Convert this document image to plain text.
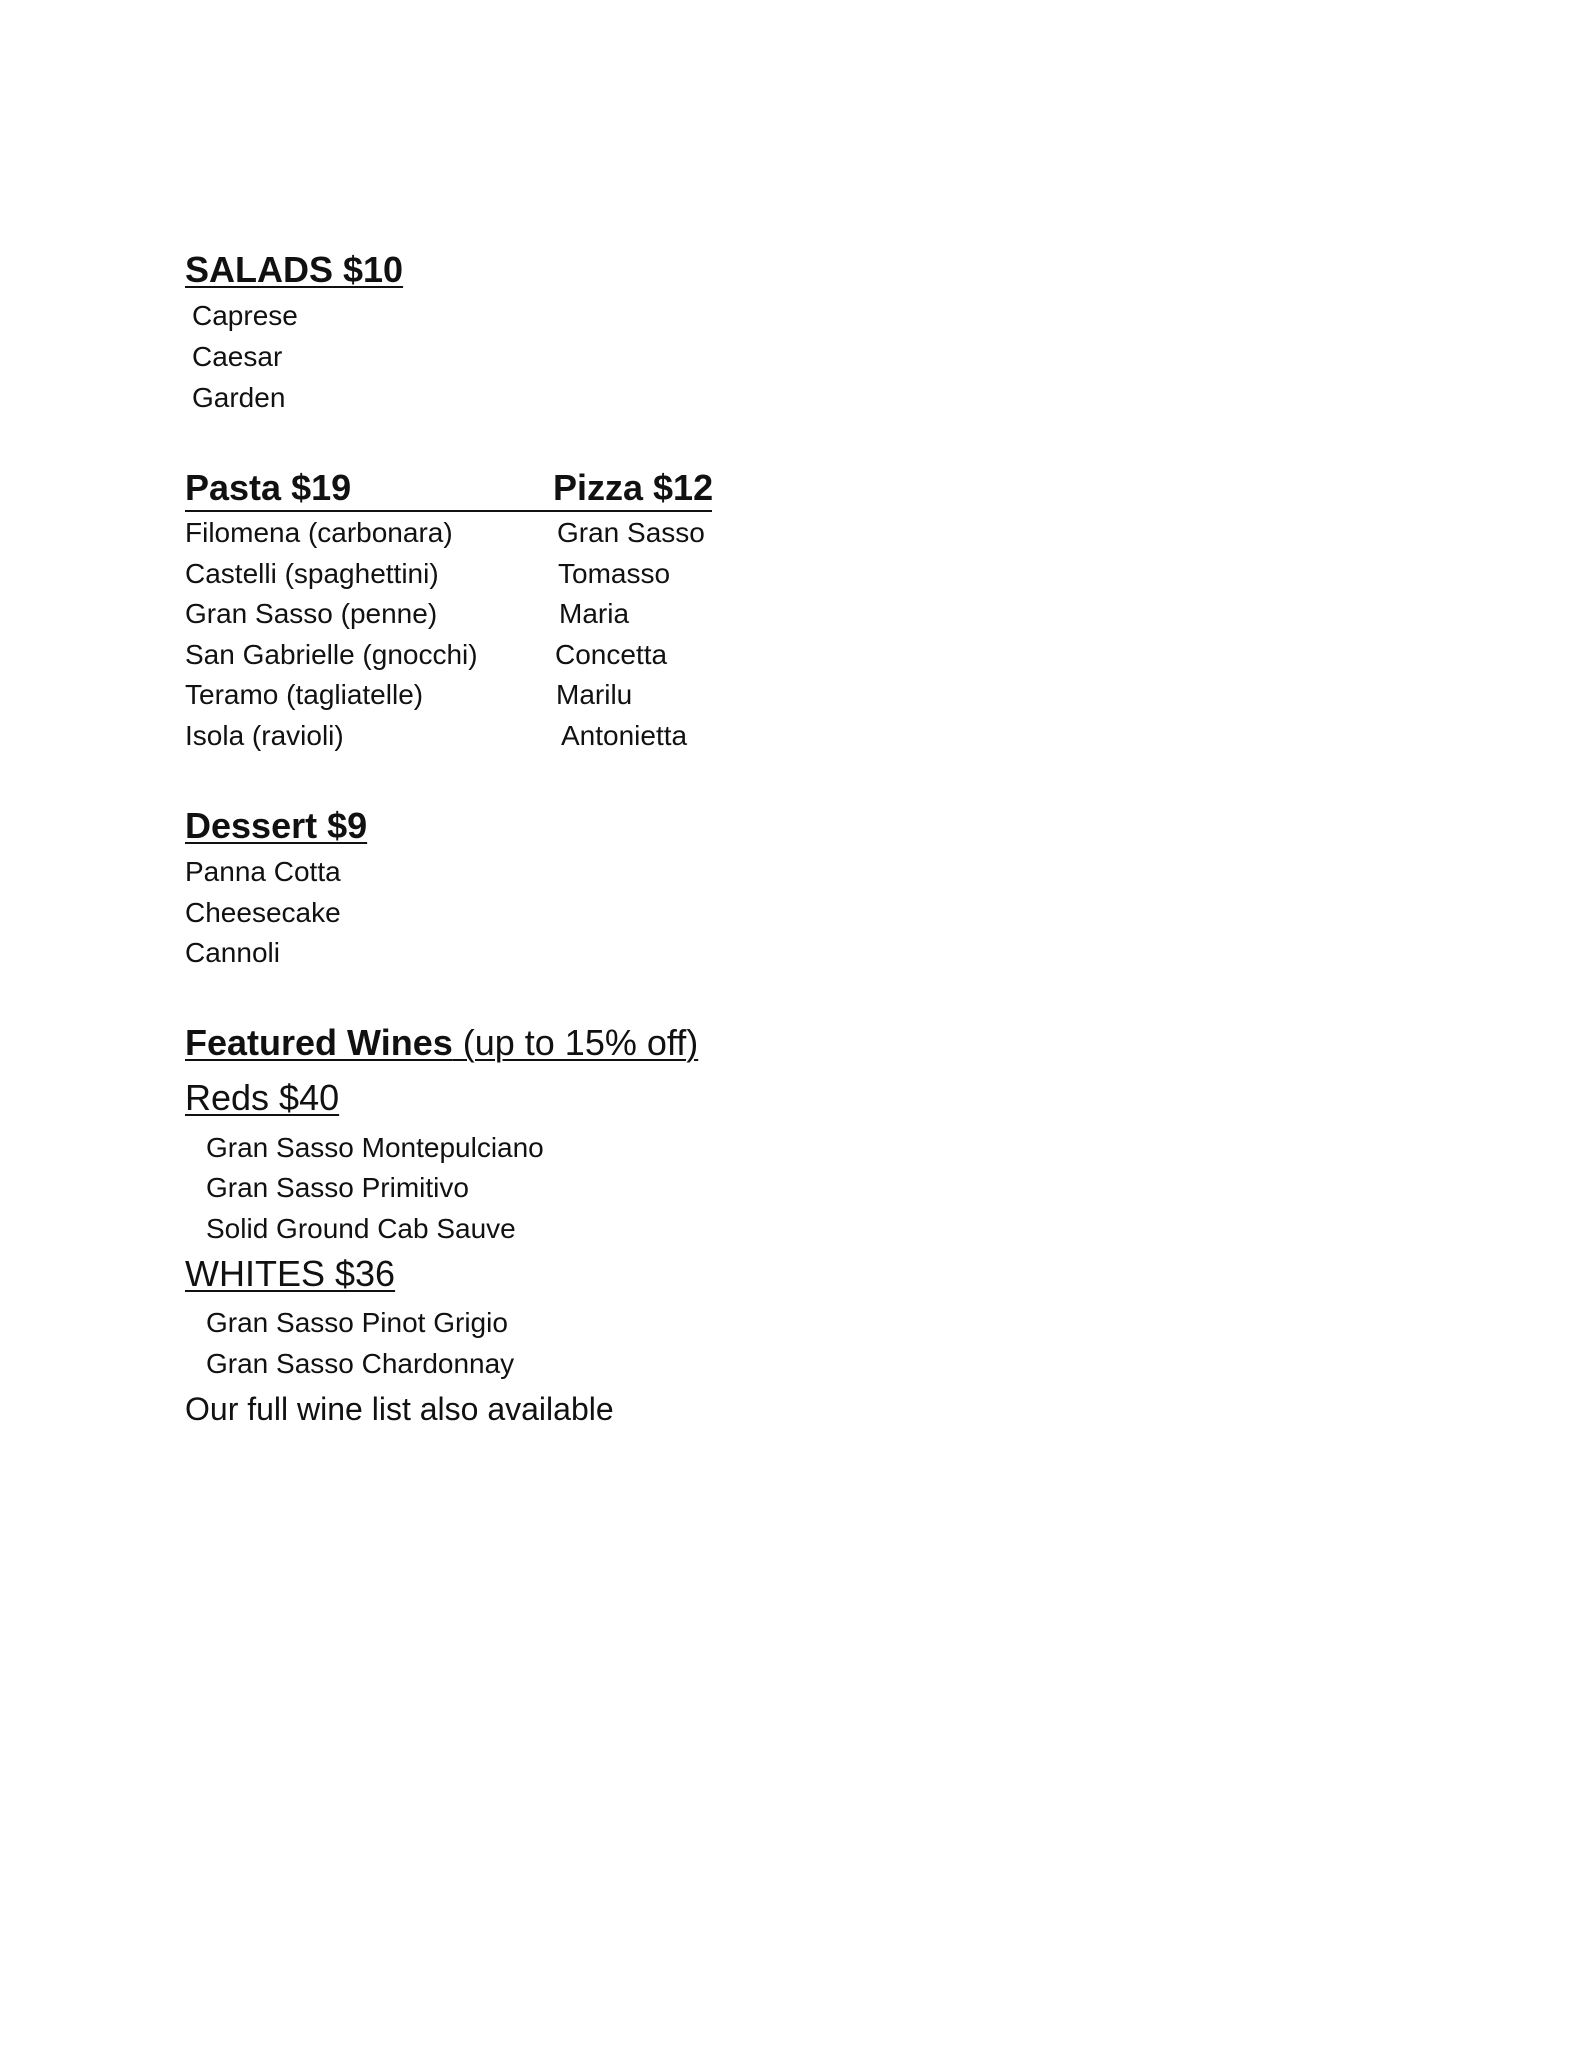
SALADS $10
Caprese
Caesar
Garden
Pasta $19	Pizza $12
Filomena (carbonara)
Castelli (spaghettini)
Gran Sasso (penne)
San Gabrielle (gnocchi)
Teramo (tagliatelle)
Isola (ravioli)
Gran Sasso
Tomasso
Maria
Concetta
Marilu
Antonietta
Dessert $9
Panna Cotta
Cheesecake
Cannoli
Featured Wines (up to 15% off)
Reds $40
Gran Sasso Montepulciano
Gran Sasso Primitivo
Solid Ground Cab Sauve
WHITES $36
Gran Sasso Pinot Grigio
Gran Sasso Chardonnay
Our full wine list also available
